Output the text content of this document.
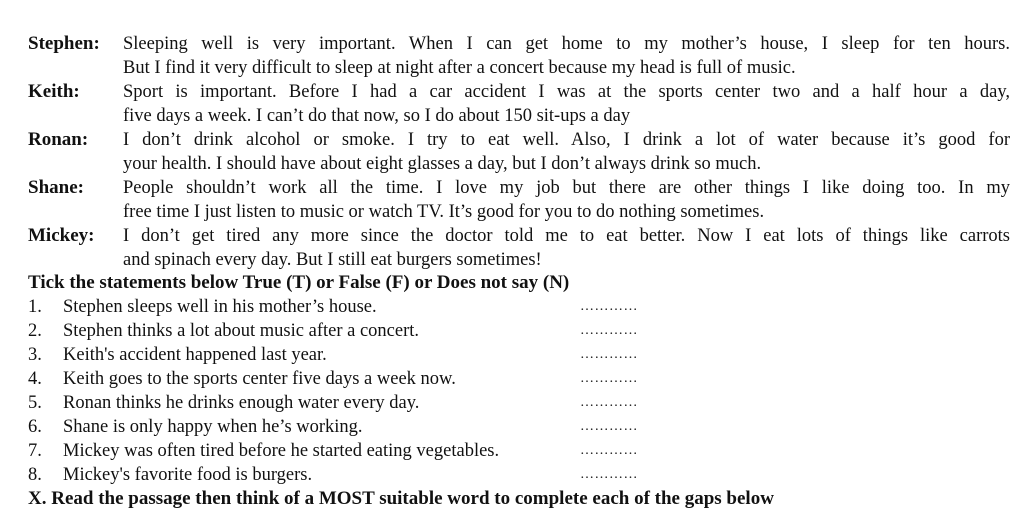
Stephen: Sleeping well is very important. When I can get home to my mother’s house, I sleep for ten hours.
But I find it very difficult to sleep at night after a concert because my head is full of music.
Keith: Sport is important. Before I had a car accident I was at the sports center two and a half hour a day,
five days a week. I can’t do that now, so I do about 150 sit-ups a day
Ronan: I don’t drink alcohol or smoke. I try to eat well. Also, I drink a lot of water because it’s good for
your health. I should have about eight glasses a day, but I don’t always drink so much.
Shane: People shouldn’t work all the time. I love my job but there are other things I like doing too. In my
free time I just listen to music or watch TV. It’s good for you to do nothing sometimes.
Mickey: I don’t get tired any more since the doctor told me to eat better. Now I eat lots of things like carrots
and spinach every day. But I still eat burgers sometimes!
Tick the statements below True (T) or False (F) or Does not say (N)
1. Stephen sleeps well in his mother’s house.	…………
2. Stephen thinks a lot about music after a concert.	…………
3. Keith's accident happened last year.	…………
4. Keith goes to the sports center five days a week now.	…………
5. Ronan thinks he drinks enough water every day.	…………
6. Shane is only happy when he’s working.	…………
7. Mickey was often tired before he started eating vegetables.	…………
8. Mickey's favorite food is burgers.	…………
X. Read the passage then think of a MOST suitable word to complete each of the gaps below
